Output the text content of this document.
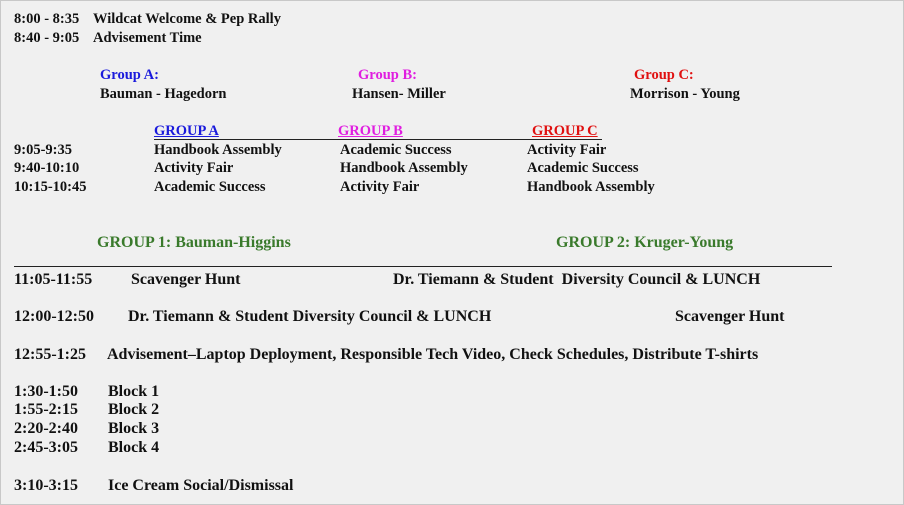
8:00 - 8:35 Wildcat Welcome & Pep Rally
8:40 - 9:05 Advisement Time
Group A:
Bauman - Hagedorn
Group B:
Hansen- Miller
Group C:
Morrison - Young
GROUP A	GROUP B	GROUP C
9:05-9:35	Handbook Assembly	Academic Success	Activity Fair
9:40-10:10	Activity Fair	Handbook Assembly	Academic Success
10:15-10:45	Academic Success	Activity Fair	Handbook Assembly
GROUP 1: Bauman-Higgins	GROUP 2: Kruger-Young
11:05-11:55 Scavenger Hunt	Dr. Tiemann & Student  Diversity Council & LUNCH
12:00-12:50 Dr. Tiemann & Student Diversity Council & LUNCH	Scavenger Hunt
12:55-1:25 Advisement–Laptop Deployment, Responsible Tech Video, Check Schedules, Distribute T-shirts
1:30-1:50 Block 1
1:55-2:15 Block 2
2:20-2:40 Block 3
2:45-3:05 Block 4
3:10-3:15 Ice Cream Social/Dismissal
